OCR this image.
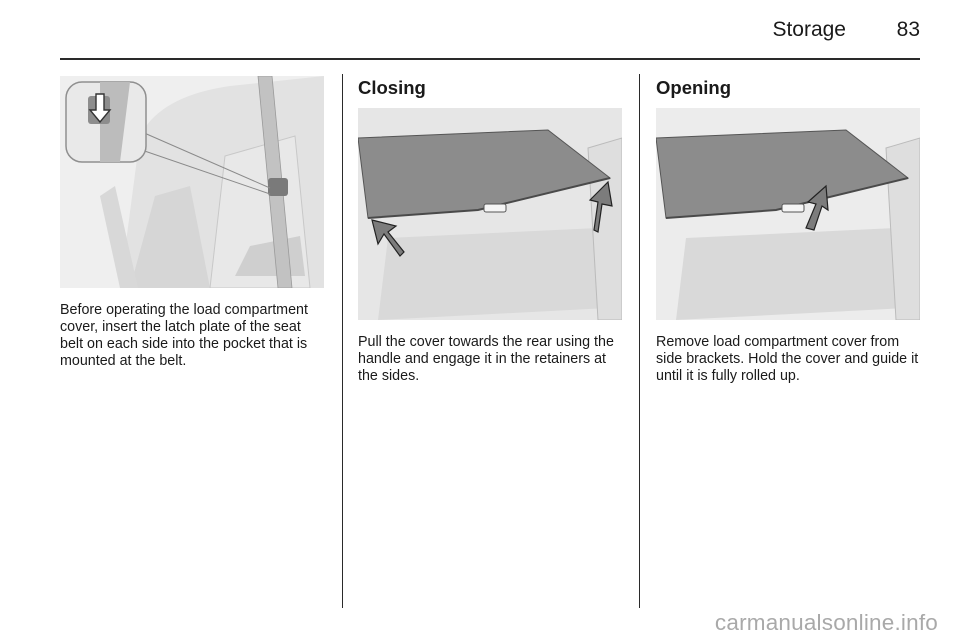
Storage 83
Before operating the load compartment cover, insert the latch plate of the seat belt on each side into the pocket that is mounted at the belt.
Closing
Pull the cover towards the rear using the handle and engage it in the retainers at the sides.
Opening
Remove load compartment cover from side brackets. Hold the cover and guide it until it is fully rolled up.
carmanualsonline.info
